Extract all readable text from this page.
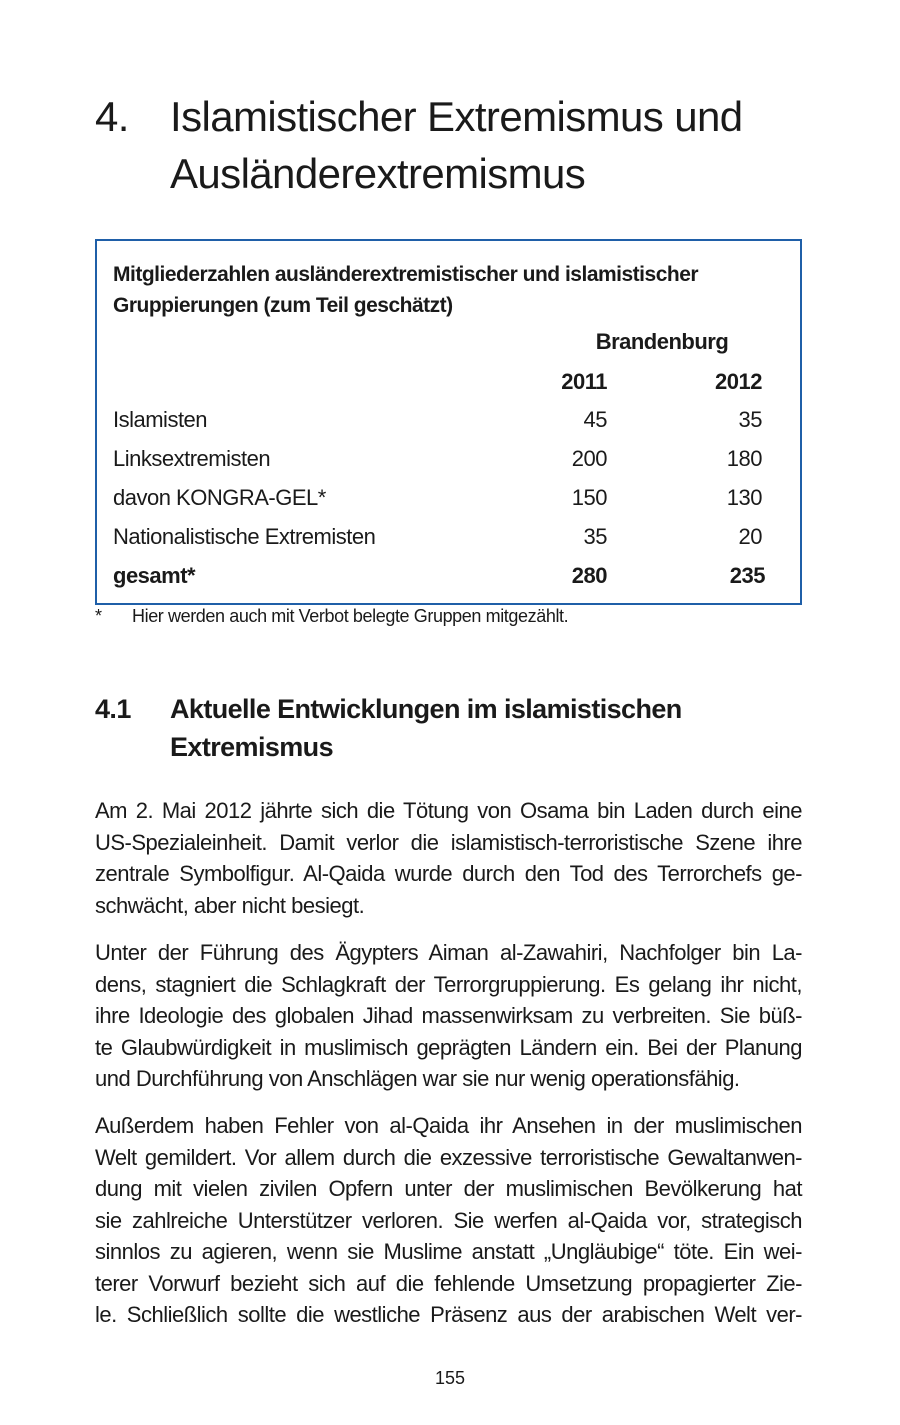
4. Islamistischer Extremismus und
Ausländerextremismus
Mitgliederzahlen ausländerextremistischer und islamistischer
Gruppierungen (zum Teil geschätzt)
Brandenburg
2011	2012
Islamisten	45	35
Linksextremisten	200	180
davon KONGRA-GEL*	150	130
Nationalistische Extremisten	35	20
gesamt*	280	235
* Hier werden auch mit Verbot belegte Gruppen mitgezählt.
4.1 Aktuelle Entwicklungen im islamistischen
Extremismus
Am 2. Mai 2012 jährte sich die Tötung von Osama bin Laden durch eine
US-Spezialeinheit. Damit verlor die islamistisch-terroristische Szene ihre
zentrale Symbolfigur. Al-Qaida wurde durch den Tod des Terrorchefs ge-
schwächt, aber nicht besiegt.
Unter der Führung des Ägypters Aiman al-Zawahiri, Nachfolger bin La-
dens, stagniert die Schlagkraft der Terrorgruppierung. Es gelang ihr nicht,
ihre Ideologie des globalen Jihad massenwirksam zu verbreiten. Sie büß-
te Glaubwürdigkeit in muslimisch geprägten Ländern ein. Bei der Planung
und Durchführung von Anschlägen war sie nur wenig operationsfähig.
Außerdem haben Fehler von al-Qaida ihr Ansehen in der muslimischen
Welt gemildert. Vor allem durch die exzessive terroristische Gewaltanwen-
dung mit vielen zivilen Opfern unter der muslimischen Bevölkerung hat
sie zahlreiche Unterstützer verloren. Sie werfen al-Qaida vor, strategisch
sinnlos zu agieren, wenn sie Muslime anstatt „Ungläubige“ töte. Ein wei-
terer Vorwurf bezieht sich auf die fehlende Umsetzung propagierter Zie-
le. Schließlich sollte die westliche Präsenz aus der arabischen Welt ver-
155
